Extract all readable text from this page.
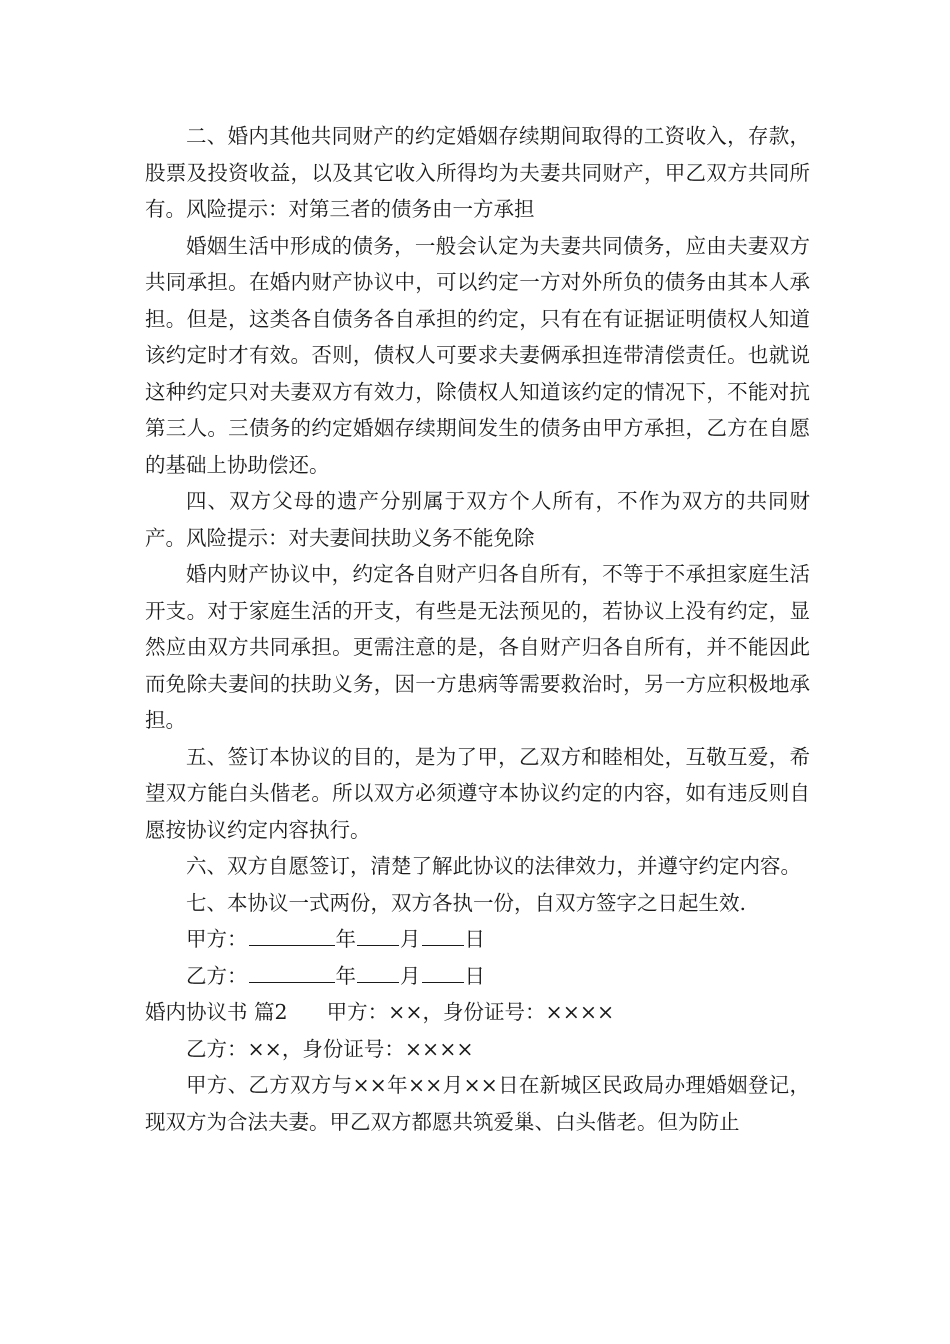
二、婚内其他共同财产的约定婚姻存续期间取得的工资收入，存款，股票及投资收益，以及其它收入所得均为夫妻共同财产，甲乙双方共同所有。风险提示：对第三者的债务由一方承担

婚姻生活中形成的债务，一般会认定为夫妻共同债务，应由夫妻双方共同承担。在婚内财产协议中，可以约定一方对外所负的债务由其本人承担。但是，这类各自债务各自承担的约定，只有在有证据证明债权人知道该约定时才有效。否则，债权人可要求夫妻俩承担连带清偿责任。也就说这种约定只对夫妻双方有效力，除债权人知道该约定的情况下，不能对抗第三人。三债务的约定婚姻存续期间发生的债务由甲方承担，乙方在自愿的基础上协助偿还。

四、双方父母的遗产分别属于双方个人所有，不作为双方的共同财产。风险提示：对夫妻间扶助义务不能免除

婚内财产协议中，约定各自财产归各自所有，不等于不承担家庭生活开支。对于家庭生活的开支，有些是无法预见的，若协议上没有约定，显然应由双方共同承担。更需注意的是，各自财产归各自所有，并不能因此而免除夫妻间的扶助义务，因一方患病等需要救治时，另一方应积极地承担。

五、签订本协议的目的，是为了甲，乙双方和睦相处，互敬互爱，希望双方能白头偕老。所以双方必须遵守本协议约定的内容，如有违反则自愿按协议约定内容执行。

六、双方自愿签订，清楚了解此协议的法律效力，并遵守约定内容。

七、本协议一式两份，双方各执一份，自双方签字之日起生效.

甲方：	年 月 日

乙方：	年 月 日

婚内协议书 篇2 甲方：××，身份证号：××××

乙方：××，身份证号：××××

甲方、乙方双方与××年××月××日在新城区民政局办理婚姻登记，现双方为合法夫妻。甲乙双方都愿共筑爱巢、白头偕老。但为防止
